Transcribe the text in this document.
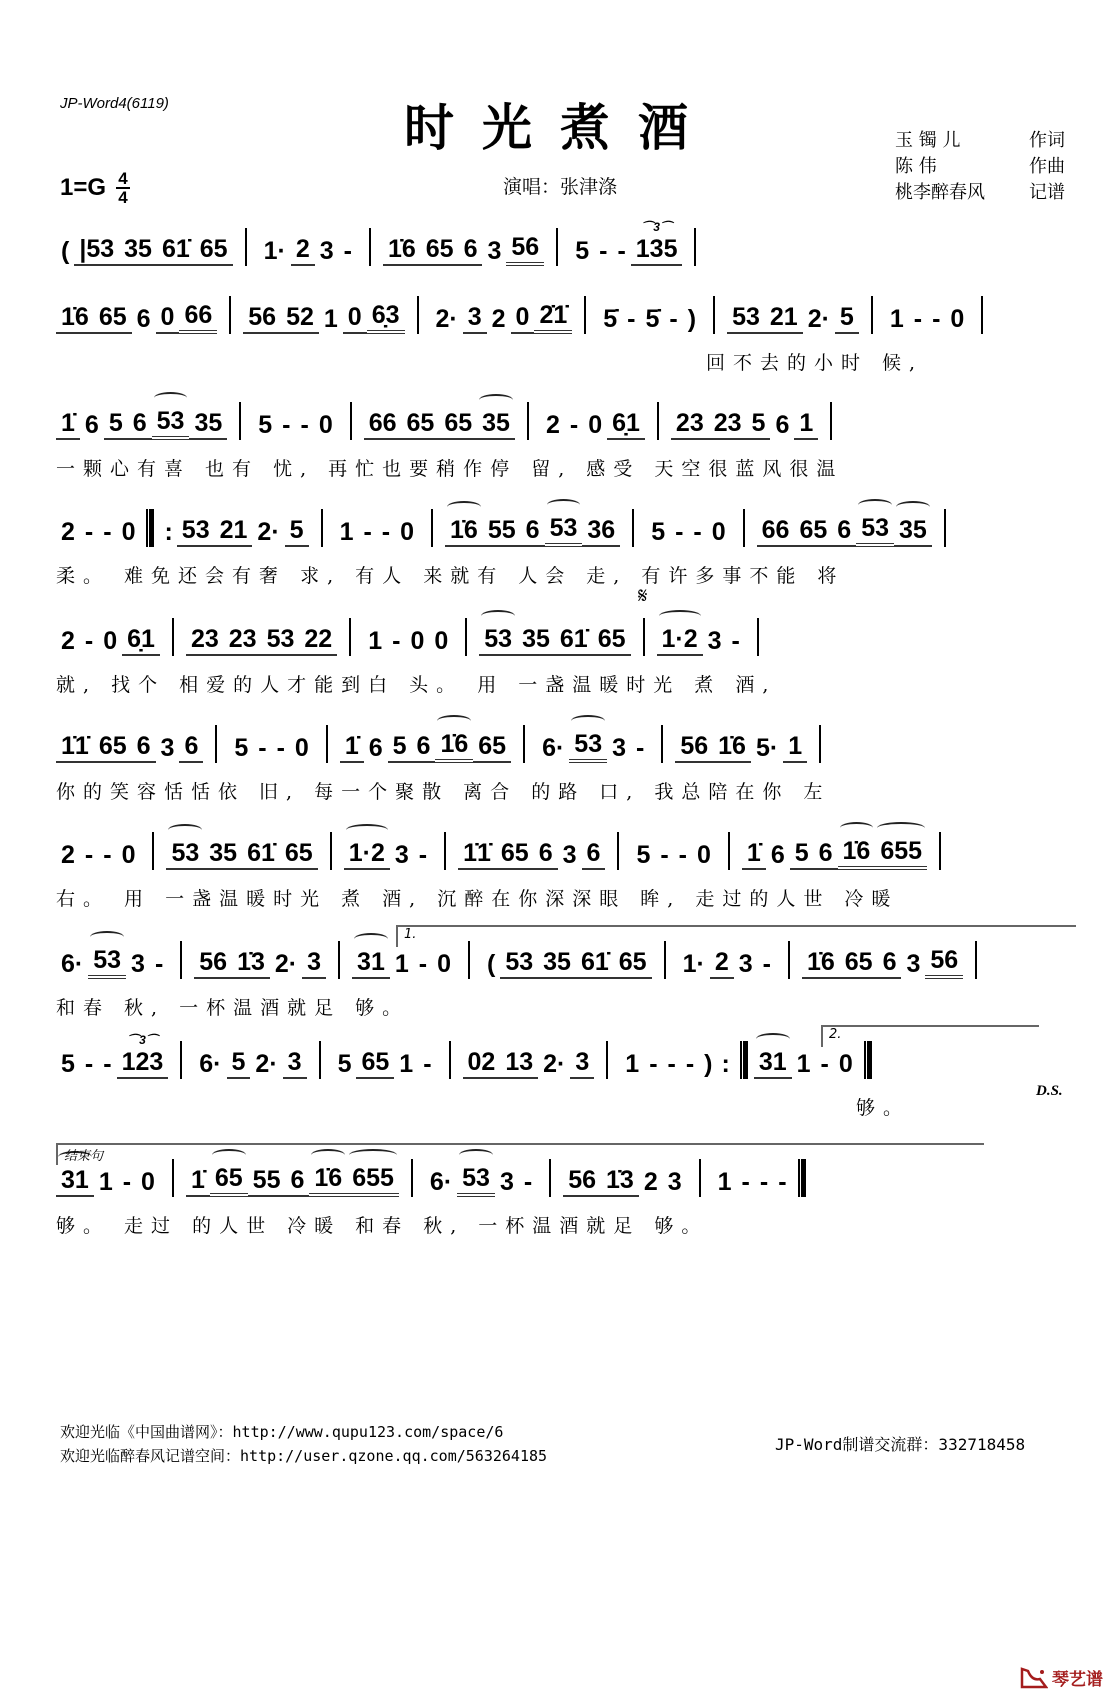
JP-Word4(6119)	时光煮酒
$1=G \frac{4}{4}$	演唱：张津涤
玉 镯 儿	作词
陈 伟	作曲
桃李醉春风 记谱
( |53 35 61̇ 65 1· 2 3 - 1̇6 65 6 3 56 5 - -
⌒3⌒
135
1̇6 65 6 0 66 56 52 1 0 6̣3 2· 3 2 0 2̇1̇ 5̇ - 5̇ - ) 53 21 2· 5 1 - - 0
回不去的小时 候,
1̇ 6 5 6 53 35 5 - - 0 66 65 65 35 2 - 0 6̣1 23 23 5 6 1
一颗心有喜 也有 忧, 再忙也要稍作停 留, 感受 天空很蓝风很温
2 - - 0 : 53 21 2· 5 1 - - 0 1̇6 55 6 53 36 5 - - 0 66 65 6 53 35
柔。 难免还会有奢 求, 有人 来就有 人会 走, 有许多事不能 将
2 - 0 6̣1 23 23 53 22 1 - 0 0 53 35 61̇ 65 1·2 3 -
就, 找个 相爱的人才能到白 头。 用 一盏温暖时光 煮 酒,
𝄋
1̇1̇ 65 6 3 6 5 - - 0 1̇ 6 5 6 1̇6 65 6· 53 3 - 56 1̇6 5· 1
你的笑容恬恬依 旧, 每一个聚散 离合 的路 口, 我总陪在你 左
2 - - 0 53 35 61̇ 65 1·2 3 - 1̇1̇ 65 6 3 6 5 - - 0 1̇ 6 5 6 1̇6 655
右。 用 一盏温暖时光 煮 酒, 沉醉在你深深眼 眸, 走过的人世 冷暖
6· 53 3 - 56 1̇3 2· 3 31 1 - 0 ( 53 35 61̇ 65 1· 2 3 - 1̇6 65 6 3 56
和春 秋, 一杯温酒就足 够。
1.
5 - -
⌒3⌒
123 6· 5 2· 3 5 65 1 - 02 13 2· 3 1 - - - ) : 31 1 - 0
够。
2.
D.S.
31 1 - 0 1̇ 65 55 6 1̇6 655 6· 53 3 - 56 1̇3 2 3 1 - - -
够。 走过 的人世 冷暖 和春 秋, 一杯温酒就足 够。
结束句
欢迎光临《中国曲谱网》：http://www.qupu123.com/space/6
欢迎光临醉春风记谱空间：http://user.qzone.qq.com/563264185
JP-Word制谱交流群：332718458
琴艺谱
